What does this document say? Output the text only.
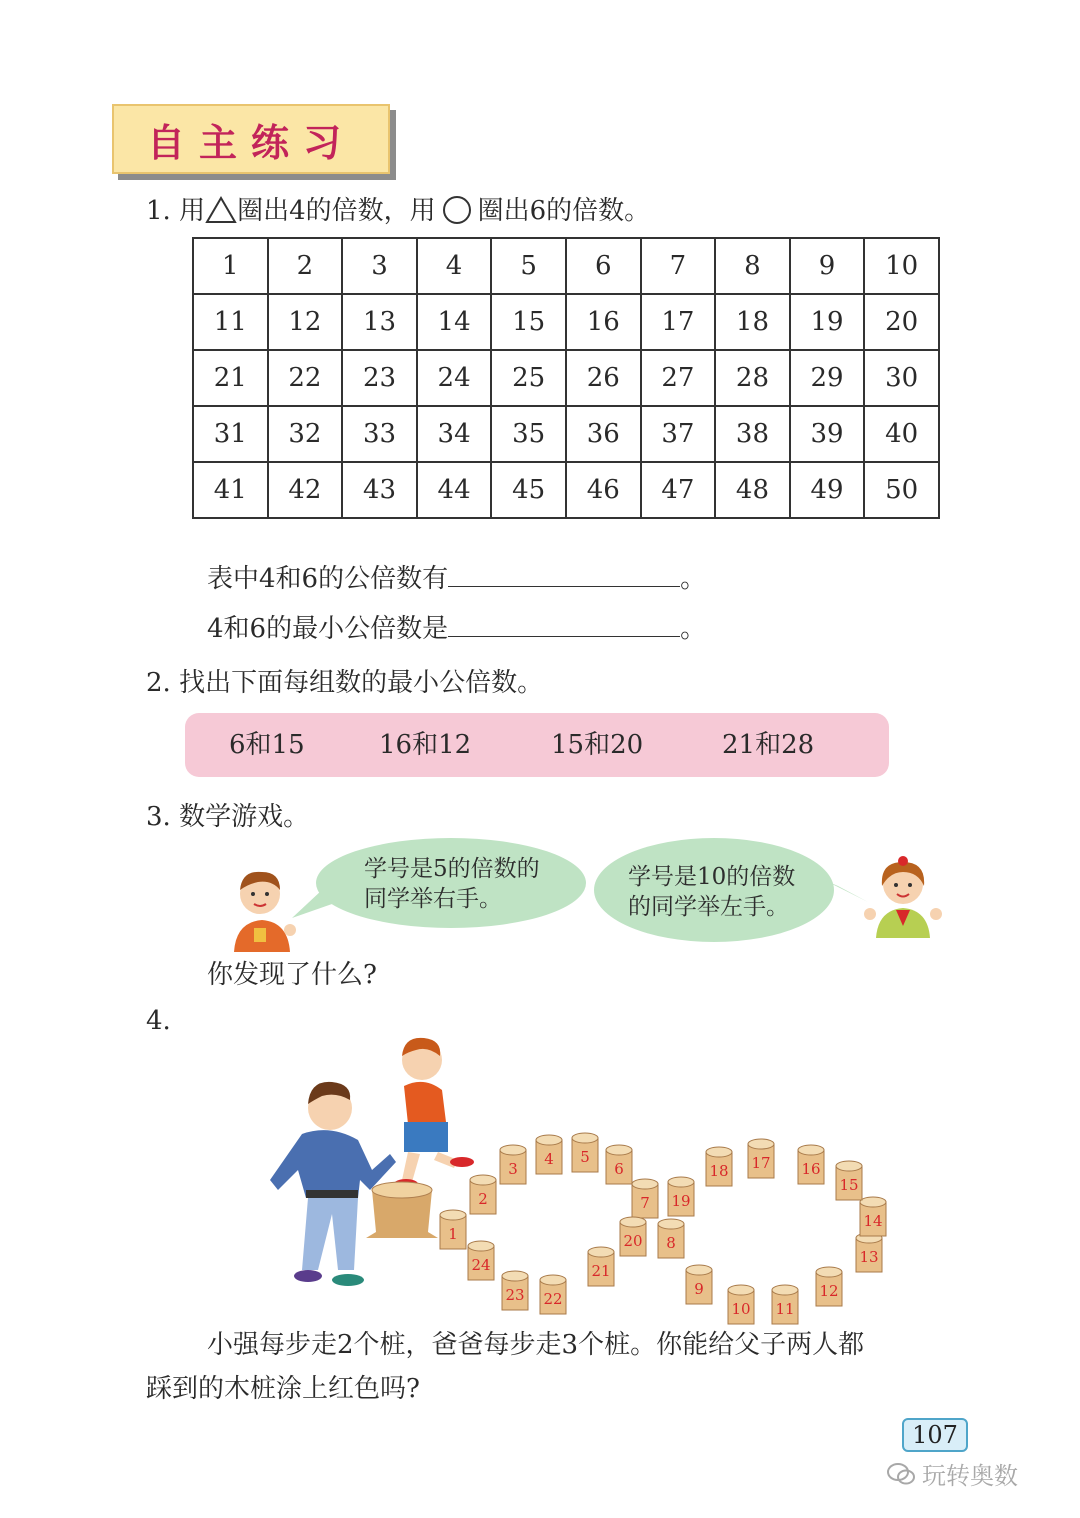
自主练习
1. 用 圈出4的倍数，用 圈出6的倍数。
1	2	3	4	5	6	7	8	9	10
11	12	13	14	15	16	17	18	19	20
21	22	23	24	25	26	27	28	29	30
31	32	33	34	35	36	37	38	39	40
41	42	43	44	45	46	47	48	49	50
表中4和6的公倍数有	。
4和6的最小公倍数是	。
2. 找出下面每组数的最小公倍数。
6和15	16和12	15和20	21和28
3. 数学游戏。
学号是5的倍数的
同学举右手。
学号是10的倍数
的同学举左手。
你发现了什么?
4.
1
2
3
4 5
6
7
8
9
10 11
12
13
14
15
16
17
18
19
20
21
22
23
24
小强每步走2个桩，爸爸每步走3个桩。你能给父子两人都
踩到的木桩涂上红色吗?
107
玩转奥数
